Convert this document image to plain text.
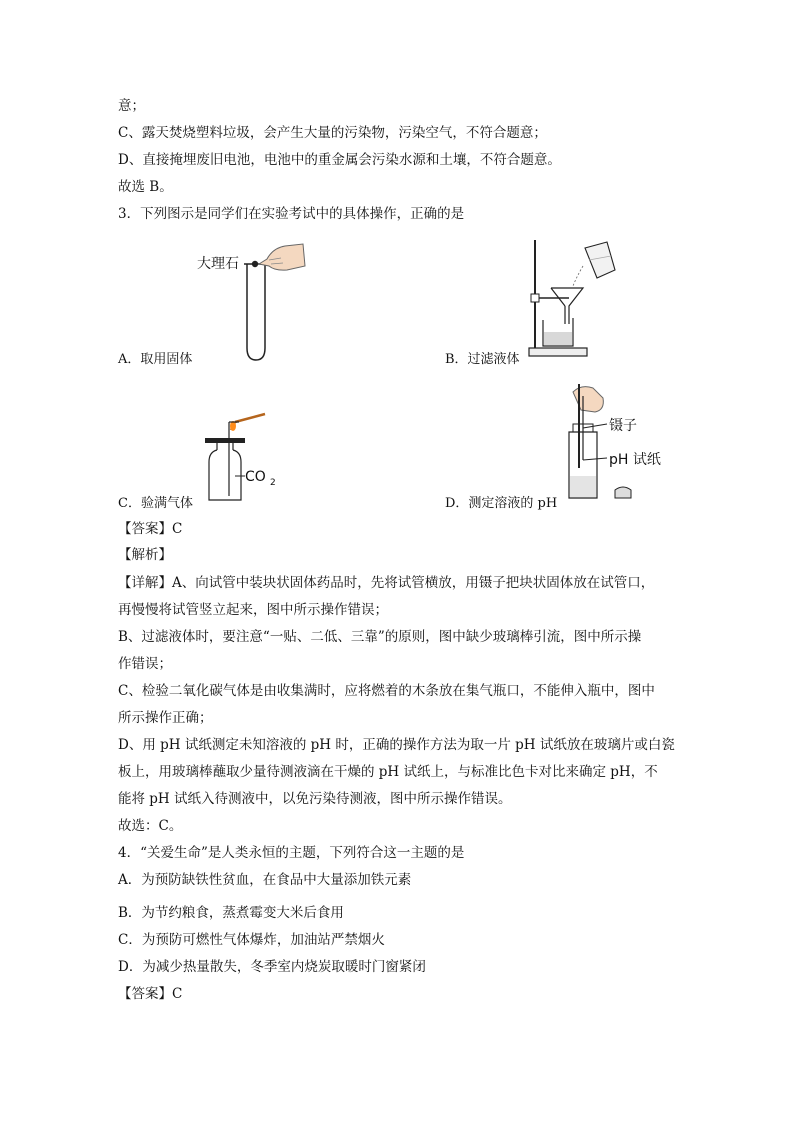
意；
C、露天焚烧塑料垃圾，会产生大量的污染物，污染空气，不符合题意；
D、直接掩埋废旧电池，电池中的重金属会污染水源和土壤，不符合题意。
故选 B。
3．下列图示是同学们在实验考试中的具体操作，正确的是
大理石
A．取用固体	B．过滤液体
CO 2
C．验满气体
镊子
pH 试纸
D．测定溶液的 pH
【答案】C
【解析】
【详解】A、向试管中装块状固体药品时，先将试管横放，用镊子把块状固体放在试管口，
再慢慢将试管竖立起来，图中所示操作错误；
B、过滤液体时，要注意“一贴、二低、三靠”的原则，图中缺少玻璃棒引流，图中所示操
作错误；
C、检验二氧化碳气体是由收集满时，应将燃着的木条放在集气瓶口，不能伸入瓶中，图中
所示操作正确；
D、用 pH 试纸测定未知溶液的 pH 时，正确的操作方法为取一片 pH 试纸放在玻璃片或白瓷
板上，用玻璃棒蘸取少量待测液滴在干燥的 pH 试纸上，与标准比色卡对比来确定 pH，不
能将 pH 试纸入待测液中，以免污染待测液，图中所示操作错误。
故选：C。
4．“关爱生命”是人类永恒的主题，下列符合这一主题的是
A．为预防缺铁性贫血，在食品中大量添加铁元素
B．为节约粮食，蒸煮霉变大米后食用
C．为预防可燃性气体爆炸，加油站严禁烟火
D．为减少热量散失，冬季室内烧炭取暖时门窗紧闭
【答案】C
